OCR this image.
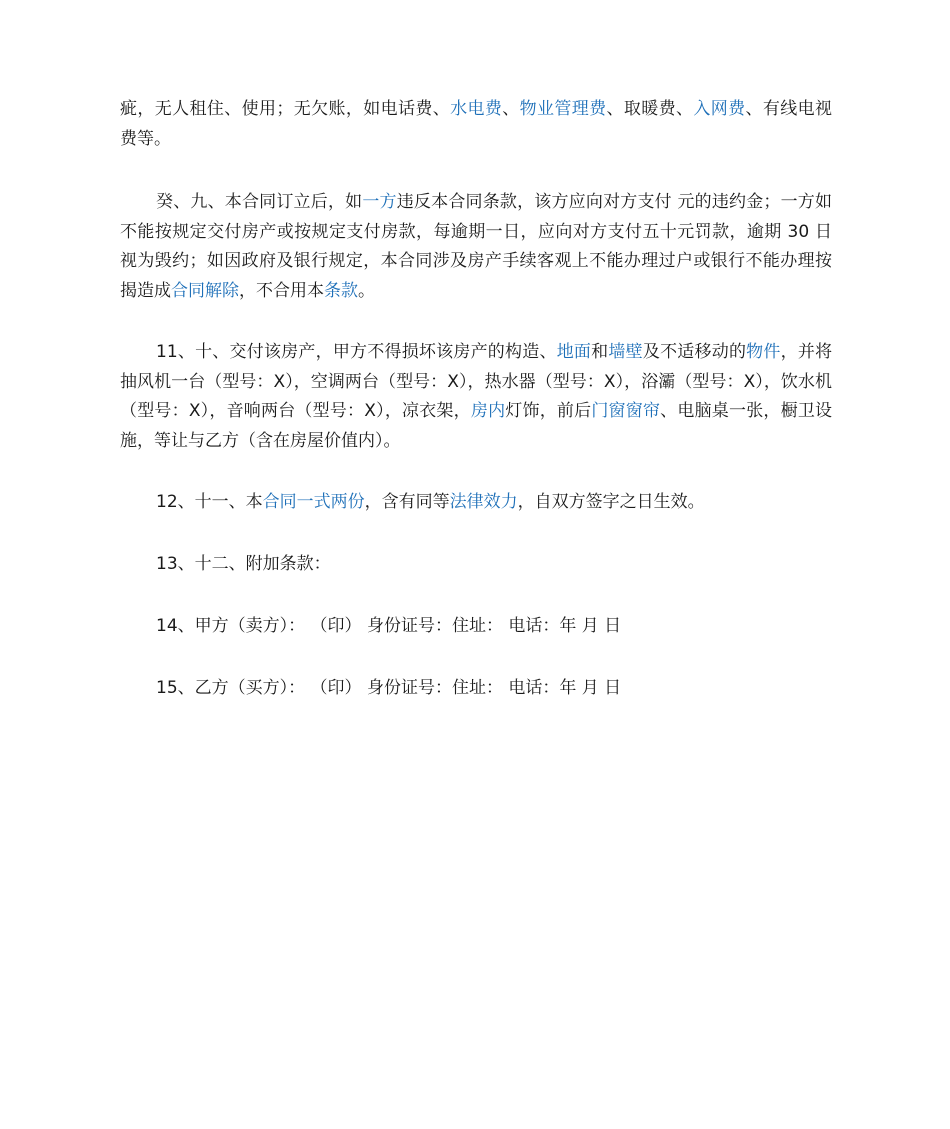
疵，无人租住、使用；无欠账，如电话费、水电费、物业管理费、取暖费、入网费、有线电视费等。

癸、九、本合同订立后，如一方违反本合同条款，该方应向对方支付 元的违约金；一方如不能按规定交付房产或按规定支付房款，每逾期一日，应向对方支付五十元罚款，逾期 30 日视为毁约；如因政府及银行规定，本合同涉及房产手续客观上不能办理过户或银行不能办理按揭造成合同解除，不合用本条款。

11、十、交付该房产，甲方不得损坏该房产的构造、地面和墙壁及不适移动的物件，并将抽风机一台（型号：X），空调两台（型号：X），热水器（型号：X），浴灞（型号：X），饮水机（型号：X），音响两台（型号：X），凉衣架，房内灯饰，前后门窗窗帘、电脑桌一张，橱卫设施，等让与乙方（含在房屋价值内）。

12、十一、本合同一式两份，含有同等法律效力，自双方签字之日生效。

13、十二、附加条款：

14、甲方（卖方）： （印） 身份证号：住址： 电话：年 月 日

15、乙方（买方）： （印） 身份证号：住址： 电话：年 月 日
